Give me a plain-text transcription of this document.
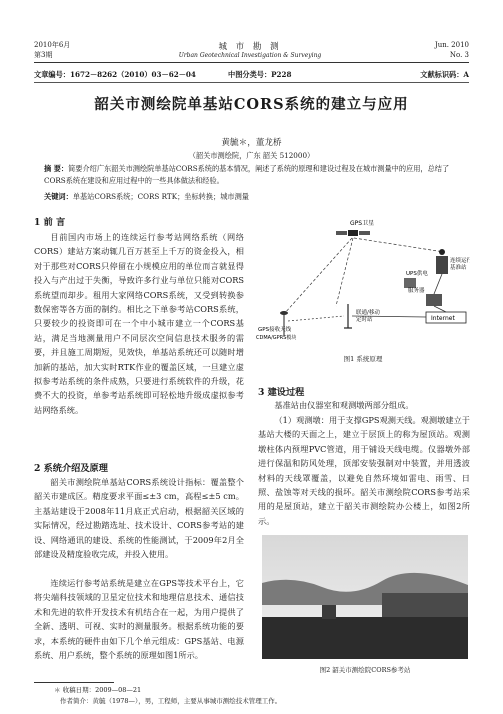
2010年6月
第3期
城 市 勘 测
Urban Geotechnical Investigation & Surveying
Jun. 2010
No. 3
文章编号：1672－8262（2010）03－62－04	中图分类号：P228	文献标识码：A
韶关市测绘院单基站CORS系统的建立与应用
黄毓＊，董龙桥
（韶关市测绘院，广东 韶关 512000）
摘 要：简要介绍广东韶关市测绘院单基站CORS系统的基本情况，阐述了系统的原理和建设过程及在城市测量中的应用，总结了CORS系统在建设和应用过程中的一些具体做法和经验。
关键词：单基站CORS系统；CORS RTK；坐标转换；城市测量
1 前 言
目前国内市场上的连续运行参考站网络系统（网络CORS）建站方案动辄几百万甚至上千万的资金投入，相对于那些对CORS只停留在小规模应用的单位而言就显得投入与产出过于失衡，导致许多行业与单位只能对CORS系统望而却步。租用大家网络CORS系统，又受到转换参数保密等各方面的制约。相比之下单参考站CORS系统，只要较少的投资即可在一个中小城市建立一个CORS基站，满足当地测量用户不同层次空间信息技术服务的需要，并且施工周期短，见效快，单基站系统还可以随时增加新的基站，加大实时RTK作业的覆盖区域，一旦建立虚拟参考站系统的条件成熟，只要进行系统软件的升级，花费不大的投资，单参考站系统即可轻松地升级成虚拟参考站网络系统。
2 系统介绍及原理
韶关市测绘院单基站CORS系统设计指标：覆盖整个韶关市建成区。精度要求平面≤±3 cm，高程≤±5 cm。主基站建设于2008年11月底正式启动，根据韶关区域的实际情况，经过勘踏选址、技术设计、CORS参考站的建设、网络通讯的建设、系统的性能测试，于2009年2月全部建设及精度验收完成，并投入使用。
连续运行参考站系统是建立在GPS等技术平台上，它将尖端科技领域的卫星定位技术和地理信息技术、通信技术和先进的软件开发技术有机结合在一起，为用户提供了全新、透明、可视、实时的测量服务。根据系统功能的要求，本系统的硬件由如下几个单元组成：GPS基站、电源系统、用户系统，整个系统的原理如图1所示。
GPS卫星
连续运行
基准站
UPS供电
服务器
Internet
联通/移动
定时站
GPS接收天线
CDMA/GPRS模块
图1 系统原理
3 建设过程
基准站由仪器室和观测墩两部分组成。
（1）观测墩：用于支撑GPS观测天线。观测墩建立于基站大楼的天面之上，建立于层顶上的称为屋顶站。观测墩柱体内预埋PVC管道，用于铺设天线电缆。仪器墩外部进行保温和防风处理，顶部安装强制对中装置，并用透波材料的天线罩覆盖，以避免自然环境如雷电、雨雪、日照、盐蚀等对天线的损坏。韶关市测绘院CORS参考站采用的是屋顶站，建立于韶关市测绘院办公楼上，如图2所示。
图2 韶关市测绘院CORS参考站
＊ 收稿日期：2009—08—21
作者简介：黄毓（1978—），男，工程师，主要从事城市测绘技术管理工作。
